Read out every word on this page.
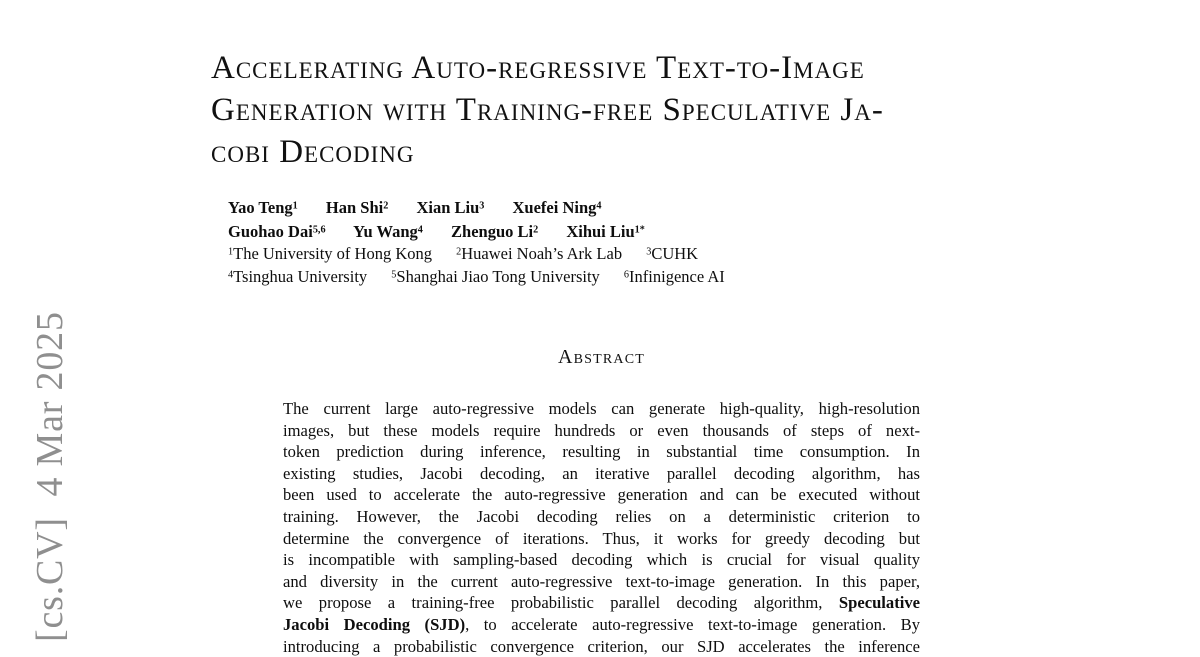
[cs.CV]  4 Mar 2025
Accelerating Auto-regressive Text-to-Image
Generation with Training-free Speculative Ja-
cobi Decoding
Yao Teng$^1$ Han Shi$^2$ Xian Liu$^3$ Xuefei Ning$^4$
Guohao Dai$^{5,6}$ Yu Wang$^4$ Zhenguo Li$^2$ Xihui Liu$^{1*}$
$^1$The University of Hong Kong $^2$Huawei Noah’s Ark Lab $^3$CUHK
$^4$Tsinghua University $^5$Shanghai Jiao Tong University $^6$Infinigence AI
Abstract
The current large auto-regressive models can generate high-quality, high-resolution
images, but these models require hundreds or even thousands of steps of next-
token prediction during inference, resulting in substantial time consumption. In
existing studies, Jacobi decoding, an iterative parallel decoding algorithm, has
been used to accelerate the auto-regressive generation and can be executed without
training. However, the Jacobi decoding relies on a deterministic criterion to
determine the convergence of iterations. Thus, it works for greedy decoding but
is incompatible with sampling-based decoding which is crucial for visual quality
and diversity in the current auto-regressive text-to-image generation. In this paper,
we propose a training-free probabilistic parallel decoding algorithm, Speculative
Jacobi Decoding (SJD), to accelerate auto-regressive text-to-image generation. By
introducing a probabilistic convergence criterion, our SJD accelerates the inference
